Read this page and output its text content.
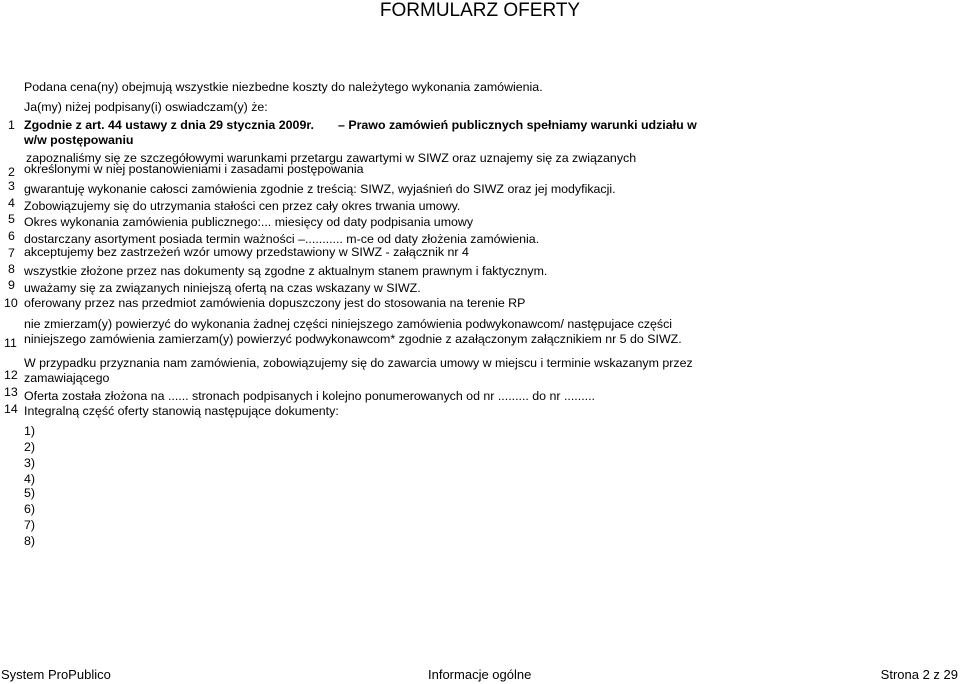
FORMULARZ OFERTY
Podana cena(ny) obejmują wszystkie niezbedne koszty do należytego wykonania zamówienia.
Ja(my) niżej podpisany(i) oswiadczam(y) że:
1 Zgodnie z art. 44 ustawy z dnia 29 stycznia 2009r. – Prawo zamówień publicznych spełniamy warunki udziału w
w/w postępowaniu
zapoznaliśmy się ze szczegółowymi warunkami przetargu zawartymi w SIWZ oraz uznajemy się za związanych
2 określonymi w niej postanowieniami i zasadami postępowania
3 gwarantuję wykonanie całosci zamówienia zgodnie z treścią: SIWZ, wyjaśnień do SIWZ oraz jej modyfikacji.
4 Zobowiązujemy się do utrzymania stałości cen przez cały okres trwania umowy.
5 Okres wykonania zamówienia publicznego:... miesięcy od daty podpisania umowy
6 dostarczany asortyment posiada termin ważności –........... m-ce od daty złożenia zamówienia.
7 akceptujemy bez zastrzeżeń wzór umowy przedstawiony w SIWZ - załącznik nr 4
8 wszystkie złożone przez nas dokumenty są zgodne z aktualnym stanem prawnym i faktycznym.
9 uważamy się za związanych niniejszą ofertą na czas wskazany w SIWZ.
10 oferowany przez nas przedmiot zamówienia dopuszczony jest do stosowania na terenie RP
nie zmierzam(y) powierzyć do wykonania żadnej części niniejszego zamówienia podwykonawcom/ następujace części
niniejszego zamówienia zamierzam(y) powierzyć podwykonawcom* zgodnie z azałączonym załącznikiem nr 5 do SIWZ.
11
W przypadku przyznania nam zamówienia, zobowiązujemy się do zawarcia umowy w miejscu i terminie wskazanym przez
12 zamawiającego
13 Oferta została złożona na ...... stronach podpisanych i kolejno ponumerowanych od nr ......... do nr .........
14 Integralną część oferty stanowią następujące dokumenty:
1)
2)
3)
4)
5)
6)
7)
8)
System ProPublico	Informacje ogólne	Strona 2 z 29
